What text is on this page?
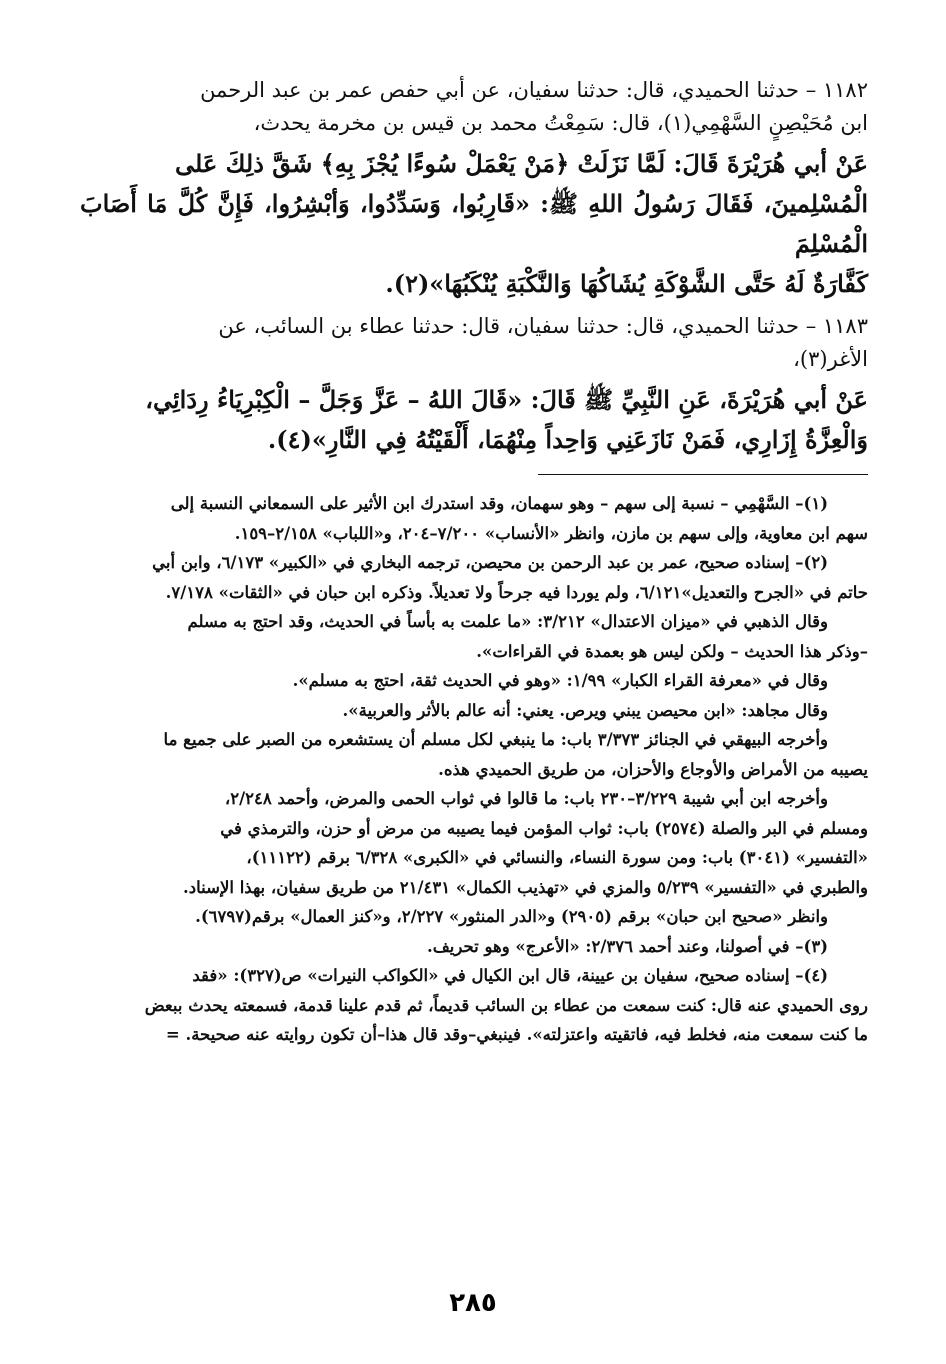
١١٨٢ – حدثنا الحميدي، قال: حدثنا سفيان، عن أبي حفص عمر بن عبد الرحمن

ابن مُحَيْصِنٍ السَّهْمِي(١)، قال: سَمِعْتُ محمد بن قيس بن مخرمة يحدث،

عَنْ أبي هُرَيْرَةَ قَالَ: لَمَّا نَزَلَتْ ﴿مَنْ يَعْمَلْ سُوءًا يُجْزَ بِهِ﴾ شَقَّ ذلِكَ عَلى

الْمُسْلِمينَ، فَقَالَ رَسُولُ اللهِ ﷺ: «قَارِبُوا، وَسَدِّدُوا، وَأبْشِرُوا، فَإِنَّ كُلَّ مَا أَصَابَ الْمُسْلِمَ

كَفَّارَةٌ لَهُ حَتَّى الشَّوْكَةِ يُشَاكُهَا وَالنَّكْبَةِ يُنْكَبُهَا»(٢).

١١٨٣ – حدثنا الحميدي، قال: حدثنا سفيان، قال: حدثنا عطاء بن السائب، عن

الأغر(٣)،

عَنْ أبي هُرَيْرَةَ، عَنِ النَّبِيِّ ﷺ قَالَ: «قَالَ اللهُ – عَزَّ وَجَلَّ – الْكِبْرِيَاءُ رِدَائِي،

وَالْعِزَّةُ إِزَارِي، فَمَنْ نَازَعَنِي وَاحِداً مِنْهُمَا، أَلْقَيْتُهُ فِي النَّارِ»(٤).

(١)– السَّهْمِي – نسبة إلى سهم – وهو سهمان، وقد استدرك ابن الأثير على السمعاني النسبة إلى

سهم ابن معاوية، وإلى سهم بن مازن، وانظر «الأنساب» ٧/٢٠٠–٢٠٤، و«اللباب» ٢/١٥٨–١٥٩.

(٢)– إسناده صحيح، عمر بن عبد الرحمن بن محيصن، ترجمه البخاري في «الكبير» ٦/١٧٣، وابن أبي

حاتم في «الجرح والتعديل»٦/١٢١، ولم يوردا فيه جرحاً ولا تعديلاً. وذكره ابن حبان في «الثقات» ٧/١٧٨.

وقال الذهبي في «ميزان الاعتدال» ٣/٢١٢: «ما علمت به بأساً في الحديث، وقد احتج به مسلم

–وذكر هذا الحديث – ولكن ليس هو بعمدة في القراءات».

وقال في «معرفة القراء الكبار» ١/٩٩: «وهو في الحديث ثقة، احتج به مسلم».

وقال مجاهد: «ابن محيصن يبني ويرص. يعني: أنه عالم بالأثر والعربية».

وأخرجه البيهقي في الجنائز ٣/٣٧٣ باب: ما ينبغي لكل مسلم أن يستشعره من الصبر على جميع ما

يصيبه من الأمراض والأوجاع والأحزان، من طريق الحميدي هذه.

وأخرجه ابن أبي شيبة ٣/٢٢٩–٢٣٠ باب: ما قالوا في ثواب الحمى والمرض، وأحمد ٢/٢٤٨،

ومسلم في البر والصلة (٢٥٧٤) باب: ثواب المؤمن فيما يصيبه من مرض أو حزن، والترمذي في

«التفسير» (٣٠٤١) باب: ومن سورة النساء، والنسائي في «الكبرى» ٦/٣٢٨ برقم (١١١٢٢)،

والطبري في «التفسير» ٥/٢٣٩ والمزي في «تهذيب الكمال» ٢١/٤٣١ من طريق سفيان، بهذا الإسناد.

وانظر «صحيح ابن حبان» برقم (٢٩٠٥) و«الدر المنثور» ٢/٢٢٧، و«كنز العمال» برقم(٦٧٩٧).

(٣)– في أصولنا، وعند أحمد ٢/٣٧٦: «الأعرج» وهو تحريف.

(٤)– إسناده صحيح، سفيان بن عيينة، قال ابن الكيال في «الكواكب النيرات» ص(٣٢٧): «فقد

روى الحميدي عنه قال: كنت سمعت من عطاء بن السائب قديماً، ثم قدم علينا قدمة، فسمعته يحدث ببعض

ما كنت سمعت منه، فخلط فيه، فاتقيته واعتزلته». فينبغي–وقد قال هذا–أن تكون روايته عنه صحيحة. =

٢٨٥
